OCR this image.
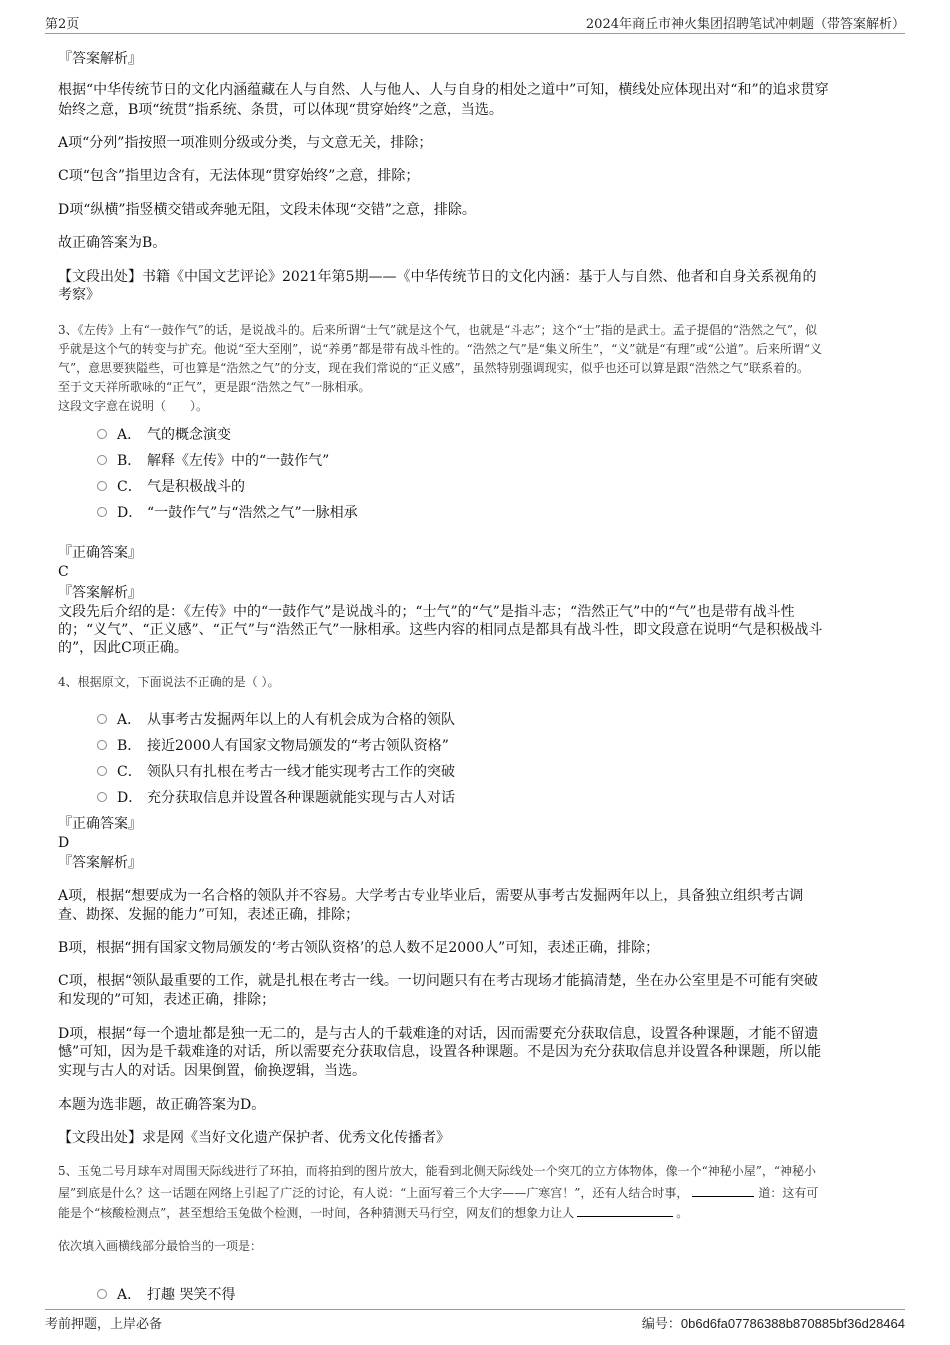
第2页	2024年商丘市神火集团招聘笔试冲刺题（带答案解析）
『答案解析』
根据“中华传统节日的文化内涵蕴藏在人与自然、人与他人、人与自身的相处之道中”可知，横线处应体现出对“和”的追求贯穿
始终之意，B项“统贯”指系统、条贯，可以体现“贯穿始终”之意，当选。
A项“分列”指按照一项准则分级或分类，与文意无关，排除；
C项“包含”指里边含有，无法体现“贯穿始终”之意，排除；
D项“纵横”指竖横交错或奔驰无阻，文段未体现“交错”之意，排除。
故正确答案为B。
【文段出处】书籍《中国文艺评论》2021年第5期——《中华传统节日的文化内涵：基于人与自然、他者和自身关系视角的
考察》
3、《左传》上有“一鼓作气”的话，是说战斗的。后来所谓“士气”就是这个气，也就是“斗志”；这个“士”指的是武士。孟子提倡的“浩然之气”，似
乎就是这个气的转变与扩充。他说“至大至刚”，说“养勇”都是带有战斗性的。“浩然之气”是“集义所生”，“义”就是“有理”或“公道”。后来所谓“义
气”，意思要狭隘些，可也算是“浩然之气”的分支，现在我们常说的“正义感”，虽然特别强调现实，似乎也还可以算是跟“浩然之气”联系着的。
至于文天祥所歌咏的“正气”，更是跟“浩然之气”一脉相承。
这段文字意在说明（　　）。
A． 气的概念演变
B． 解释《左传》中的“一鼓作气”
C． 气是积极战斗的
D． “一鼓作气”与“浩然之气”一脉相承
『正确答案』
C
『答案解析』
文段先后介绍的是：《左传》中的“一鼓作气”是说战斗的；“士气”的“气”是指斗志；“浩然正气”中的“气”也是带有战斗性
的；“义气”、“正义感”、“正气”与“浩然正气”一脉相承。这些内容的相同点是都具有战斗性，即文段意在说明“气是积极战斗
的”，因此C项正确。
4、根据原文，下面说法不正确的是（ ）。
A． 从事考古发掘两年以上的人有机会成为合格的领队
B． 接近2000人有国家文物局颁发的“考古领队资格”
C． 领队只有扎根在考古一线才能实现考古工作的突破
D． 充分获取信息并设置各种课题就能实现与古人对话
『正确答案』
D
『答案解析』
A项，根据“想要成为一名合格的领队并不容易。大学考古专业毕业后，需要从事考古发掘两年以上，具备独立组织考古调
查、勘探、发掘的能力”可知，表述正确，排除；
B项，根据“拥有国家文物局颁发的‘考古领队资格’的总人数不足2000人”可知，表述正确，排除；
C项，根据“领队最重要的工作，就是扎根在考古一线。一切问题只有在考古现场才能搞清楚，坐在办公室里是不可能有突破
和发现的”可知，表述正确，排除；
D项，根据“每一个遗址都是独一无二的，是与古人的千载难逢的对话，因而需要充分获取信息，设置各种课题，才能不留遗
憾”可知，因为是千载难逢的对话，所以需要充分获取信息，设置各种课题。不是因为充分获取信息并设置各种课题，所以能
实现与古人的对话。因果倒置，偷换逻辑，当选。
本题为选非题，故正确答案为D。
【文段出处】求是网《当好文化遗产保护者、优秀文化传播者》
5、玉兔二号月球车对周围天际线进行了环拍，而将拍到的图片放大，能看到北侧天际线处一个突兀的立方体物体，像一个“神秘小屋”，“神秘小
屋”到底是什么？这一话题在网络上引起了广泛的讨论，有人说：“上面写着三个大字——广寒宫！”，还有人结合时事，	道：这有可
能是个“核酸检测点”，甚至想给玉兔做个检测，一时间，各种猜测天马行空，网友们的想象力让人	。
依次填入画横线部分最恰当的一项是：
A． 打趣 哭笑不得
考前押题，上岸必备	编号：0b6d6fa07786388b870885bf36d28464
